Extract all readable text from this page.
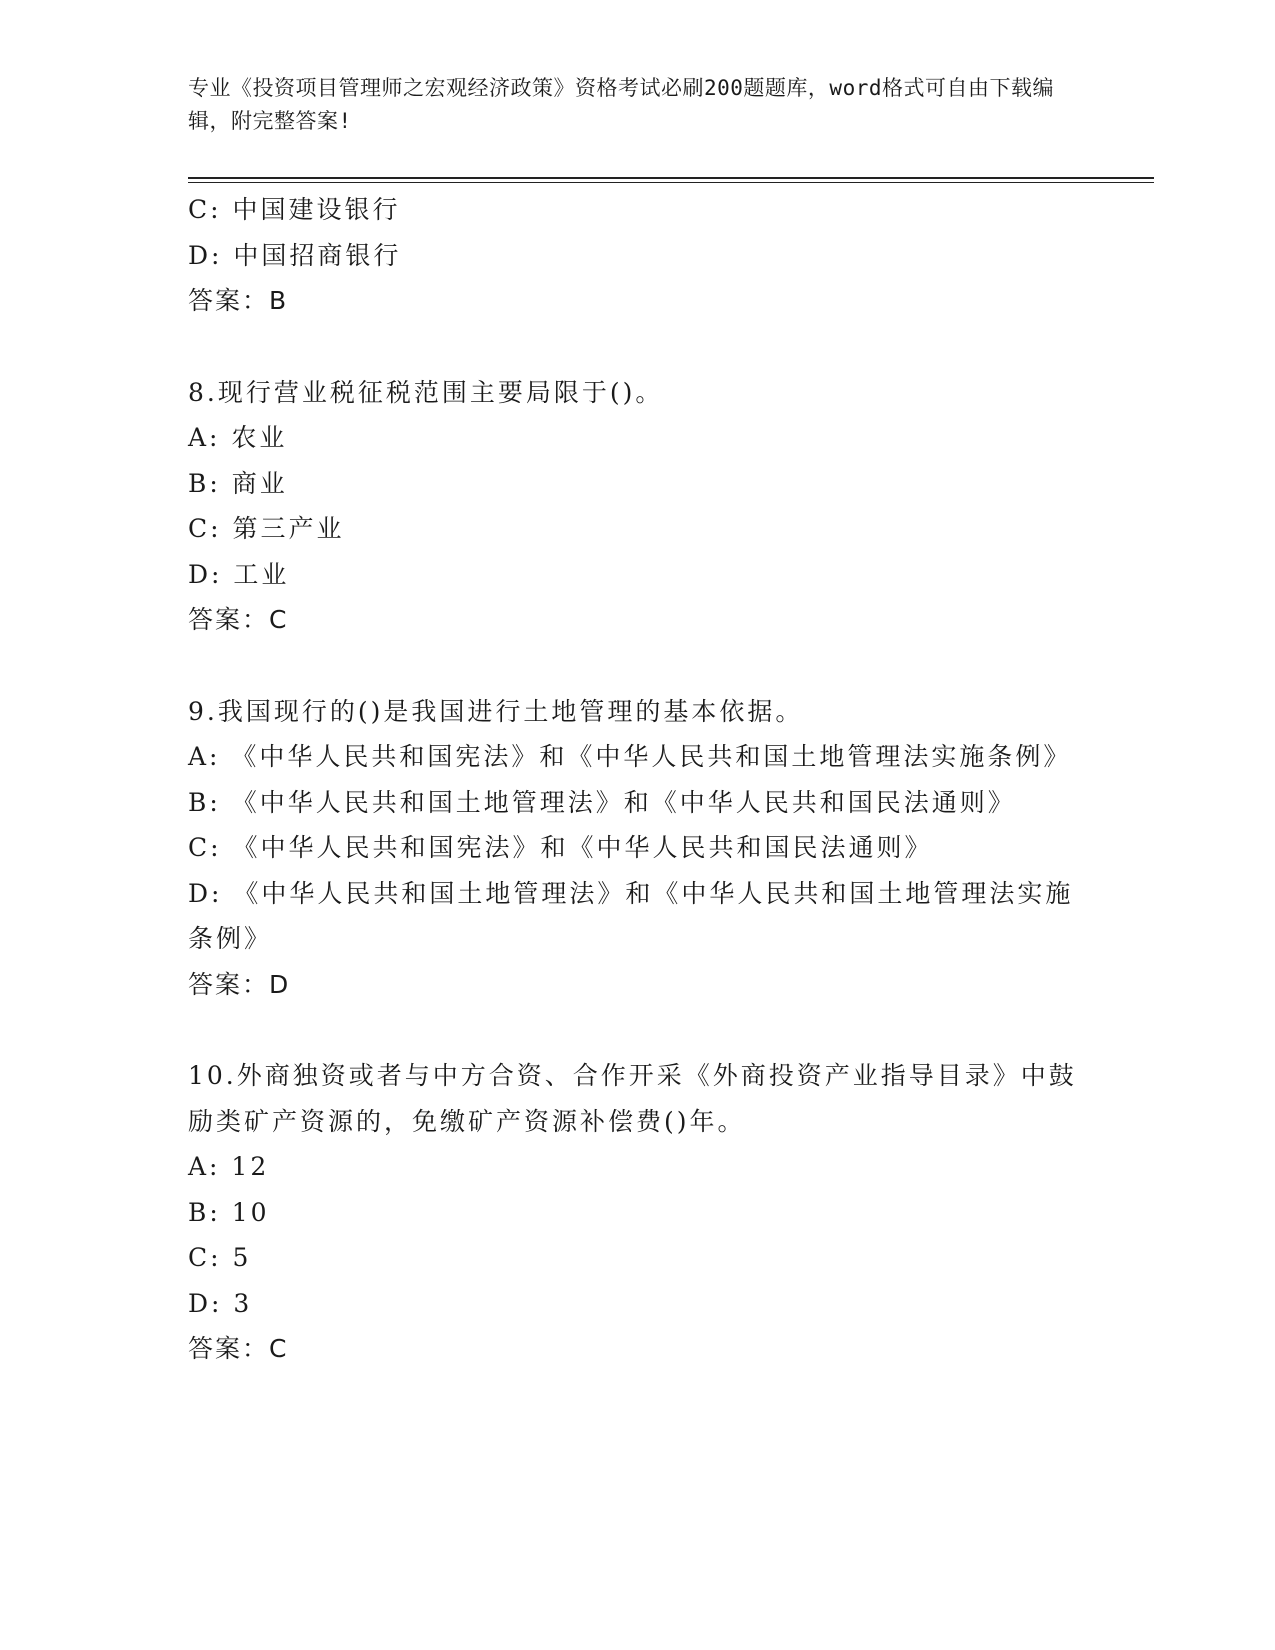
专业《投资项目管理师之宏观经济政策》资格考试必刷200题题库，word格式可自由下载编辑，附完整答案!

C: 中国建设银行

D: 中国招商银行

答案：B

8.现行营业税征税范围主要局限于()。

A: 农业

B: 商业

C: 第三产业

D: 工业

答案：C

9.我国现行的()是我国进行土地管理的基本依据。

A: 《中华人民共和国宪法》和《中华人民共和国土地管理法实施条例》

B: 《中华人民共和国土地管理法》和《中华人民共和国民法通则》

C: 《中华人民共和国宪法》和《中华人民共和国民法通则》

D: 《中华人民共和国土地管理法》和《中华人民共和国土地管理法实施条例》

答案：D

10.外商独资或者与中方合资、合作开采《外商投资产业指导目录》中鼓励类矿产资源的，免缴矿产资源补偿费()年。

A: 12

B: 10

C: 5

D: 3

答案：C
